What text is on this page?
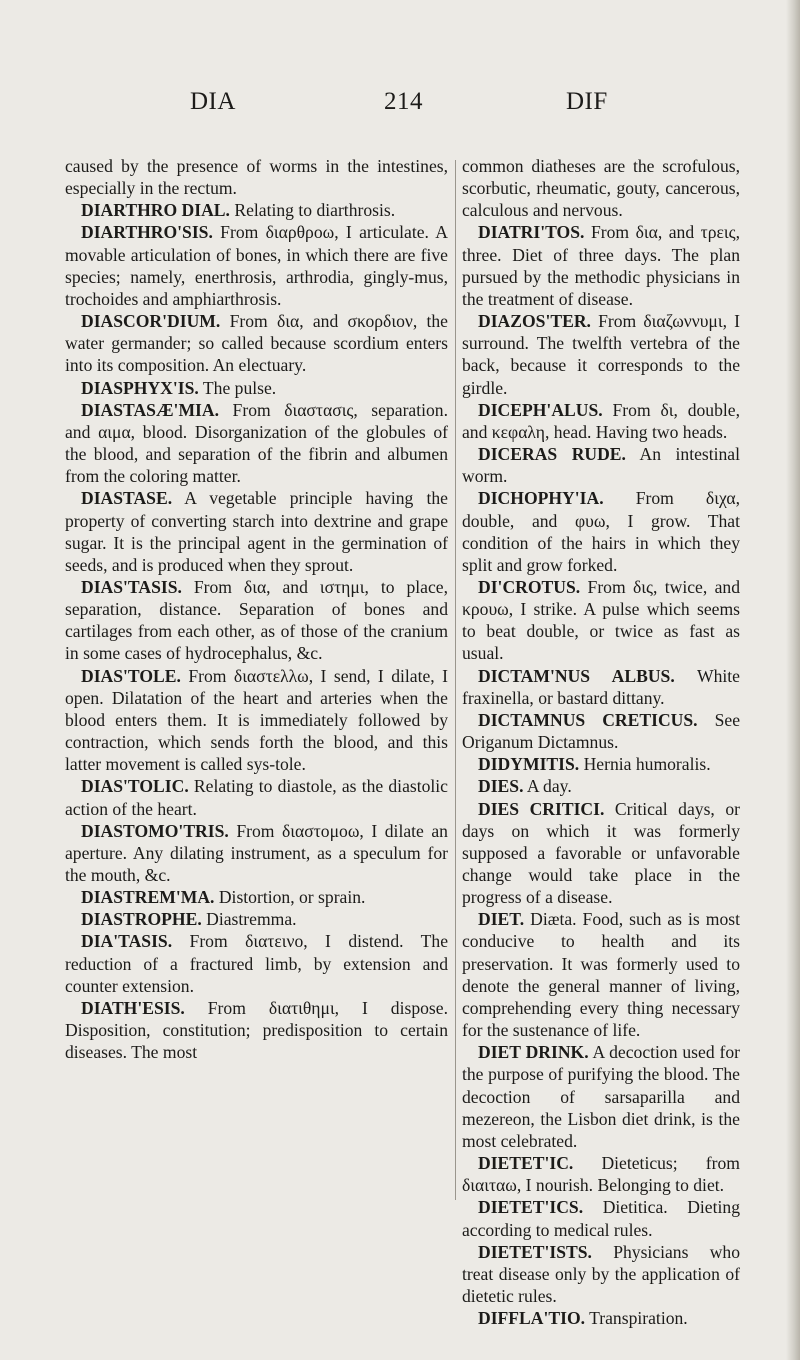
DIA	214	DIF

caused by the presence of worms in the intestines, especially in the rectum.

DIARTHRO DIAL. Relating to diarthrosis.

DIARTHRO'SIS. From διαρθροω, I articulate. A movable articulation of bones, in which there are five species; namely, enerthrosis, arthrodia, gingly-mus, trochoides and amphiarthrosis.

DIASCOR'DIUM. From δια, and σκορδιον, the water germander; so called because scordium enters into its composition. An electuary.

DIASPHYX'IS. The pulse.

DIASTASÆ'MIA. From διαστασις, separation. and αιμα, blood. Disorganization of the globules of the blood, and separation of the fibrin and albumen from the coloring matter.

DIASTASE. A vegetable principle having the property of converting starch into dextrine and grape sugar. It is the principal agent in the germination of seeds, and is produced when they sprout.

DIAS'TASIS. From δια, and ιστημι, to place, separation, distance. Separation of bones and cartilages from each other, as of those of the cranium in some cases of hydrocephalus, &c.

DIAS'TOLE. From διαστελλω, I send, I dilate, I open. Dilatation of the heart and arteries when the blood enters them. It is immediately followed by contraction, which sends forth the blood, and this latter movement is called sys-tole.

DIAS'TOLIC. Relating to diastole, as the diastolic action of the heart.

DIASTOMO'TRIS. From διαστομοω, I dilate an aperture. Any dilating instrument, as a speculum for the mouth, &c.

DIASTREM'MA. Distortion, or sprain.

DIASTROPHE. Diastremma.

DIA'TASIS. From διατεινο, I distend. The reduction of a fractured limb, by extension and counter extension.

DIATH'ESIS. From διατιθημι, I dispose. Disposition, constitution; predisposition to certain diseases. The most

common diatheses are the scrofulous, scorbutic, rheumatic, gouty, cancerous, calculous and nervous.

DIATRI'TOS. From δια, and τρεις, three. Diet of three days. The plan pursued by the methodic physicians in the treatment of disease.

DIAZOS'TER. From διαζωννυμι, I surround. The twelfth vertebra of the back, because it corresponds to the girdle.

DICEPH'ALUS. From δι, double, and κεφαλη, head. Having two heads.

DICERAS RUDE. An intestinal worm.

DICHOPHY'IA. From διχα, double, and φυω, I grow. That condition of the hairs in which they split and grow forked.

DI'CROTUS. From δις, twice, and κρουω, I strike. A pulse which seems to beat double, or twice as fast as usual.

DICTAM'NUS ALBUS. White fraxinella, or bastard dittany.

DICTAMNUS CRETICUS. See Origanum Dictamnus.

DIDYMITIS. Hernia humoralis.

DIES. A day.

DIES CRITICI. Critical days, or days on which it was formerly supposed a favorable or unfavorable change would take place in the progress of a disease.

DIET. Diæta. Food, such as is most conducive to health and its preservation. It was formerly used to denote the general manner of living, comprehending every thing necessary for the sustenance of life.

DIET DRINK. A decoction used for the purpose of purifying the blood. The decoction of sarsaparilla and mezereon, the Lisbon diet drink, is the most celebrated.

DIETET'IC. Dieteticus; from διαιταω, I nourish. Belonging to diet.

DIETET'ICS. Dietitica. Dieting according to medical rules.

DIETET'ISTS. Physicians who treat disease only by the application of dietetic rules.

DIFFLA'TIO. Transpiration.
